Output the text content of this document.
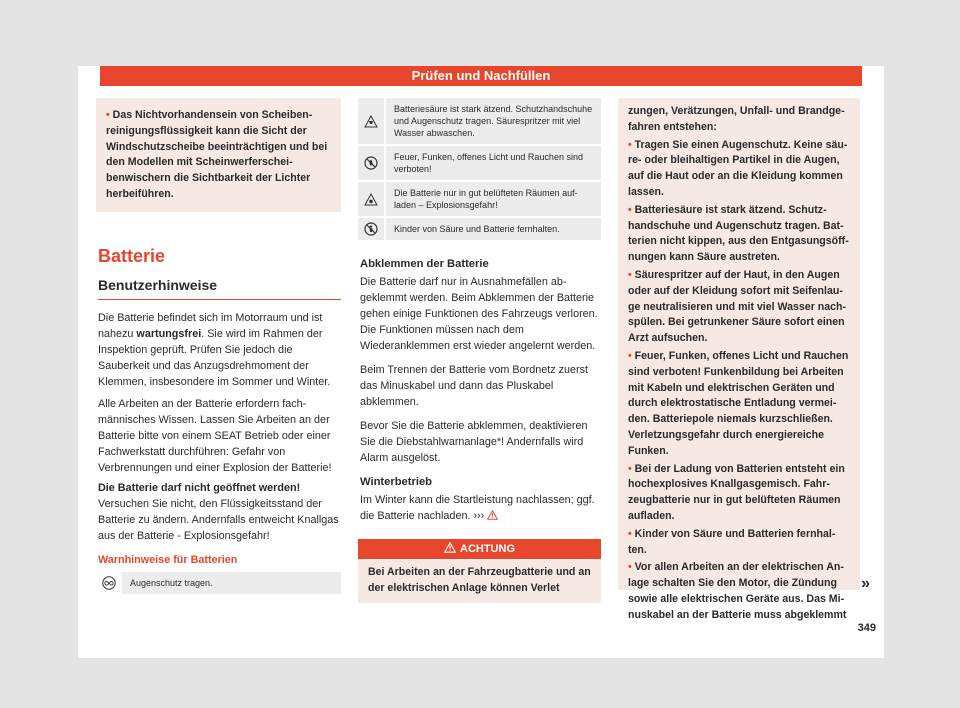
Prüfen und Nachfüllen
• Das Nichtvorhandensein von Scheibenreinigungsflüssigkeit kann die Sicht der Windschutzscheibe beeinträchtigen und bei den Modellen mit Scheinwerferscheibenwischern die Sichtbarkeit der Lichter herbeiführen.
Batterie
Benutzerhinweise

Die Batterie befindet sich im Motorraum und ist nahezu wartungsfrei. Sie wird im Rahmen der Inspektion geprüft. Prüfen Sie jedoch die Sauberkeit und das Anzugsdrehmoment der Klemmen, insbesondere im Sommer und Winter.

Alle Arbeiten an der Batterie erfordern fachmännisches Wissen. Lassen Sie Arbeiten an der Batterie bitte von einem SEAT Betrieb oder einer Fachwerkstatt durchführen: Gefahr von Verbrennungen und einer Explosion der Batterie!

Die Batterie darf nicht geöffnet werden!

Versuchen Sie nicht, den Flüssigkeitsstand der Batterie zu ändern. Andernfalls entweicht Knallgas aus der Batterie - Explosionsgefahr!

Warnhinweise für Batterien
Augenschutz tragen.
Batteriesäure ist stark ätzend. Schutzhandschuhe und Augenschutz tragen. Säurespritzer mit viel Wasser abwaschen.
Feuer, Funken, offenes Licht und Rauchen sind verboten!
Die Batterie nur in gut belüfteten Räumen aufladen – Explosionsgefahr!
Kinder von Säure und Batterie fernhalten.
Abklemmen der Batterie

Die Batterie darf nur in Ausnahmefällen abgeklemmt werden. Beim Abklemmen der Batterie gehen einige Funktionen des Fahrzeugs verloren. Die Funktionen müssen nach dem Wiederanklemmen erst wieder angelernt werden.

Beim Trennen der Batterie vom Bordnetz zuerst das Minuskabel und dann das Pluskabel abklemmen.

Bevor Sie die Batterie abklemmen, deaktivieren Sie die Diebstahlwarnanlage*! Andernfalls wird Alarm ausgelöst.

Winterbetrieb

Im Winter kann die Startleistung nachlassen; ggf. die Batterie nachladen. ›››

ACHTUNG
Bei Arbeiten an der Fahrzeugbatterie und an der elektrischen Anlage können Verlet

zungen, Verätzungen, Unfall- und Brandgefahren entstehen:

• Tragen Sie einen Augenschutz. Keine säure- oder bleihaltigen Partikel in die Augen, auf die Haut oder an die Kleidung kommen lassen.

• Batteriesäure ist stark ätzend. Schutzhandschuhe und Augenschutz tragen. Batterien nicht kippen, aus den Entgasungsöffnungen kann Säure austreten.

• Säurespritzer auf der Haut, in den Augen oder auf der Kleidung sofort mit Seifenlauge neutralisieren und mit viel Wasser nachspülen. Bei getrunkener Säure sofort einen Arzt aufsuchen.

• Feuer, Funken, offenes Licht und Rauchen sind verboten! Funkenbildung bei Arbeiten mit Kabeln und elektrischen Geräten und durch elektrostatische Entladung vermeiden. Batteriepole niemals kurzschließen. Verletzungsgefahr durch energiereiche Funken.

• Bei der Ladung von Batterien entsteht ein hochexplosives Knallgasgemisch. Fahrzeugbatterie nur in gut belüfteten Räumen aufladen.

• Kinder von Säure und Batterien fernhalten.

• Vor allen Arbeiten an der elektrischen Anlage schalten Sie den Motor, die Zündung sowie alle elektrischen Geräte aus. Das Minuskabel an der Batterie muss abgeklemmt

»
349
